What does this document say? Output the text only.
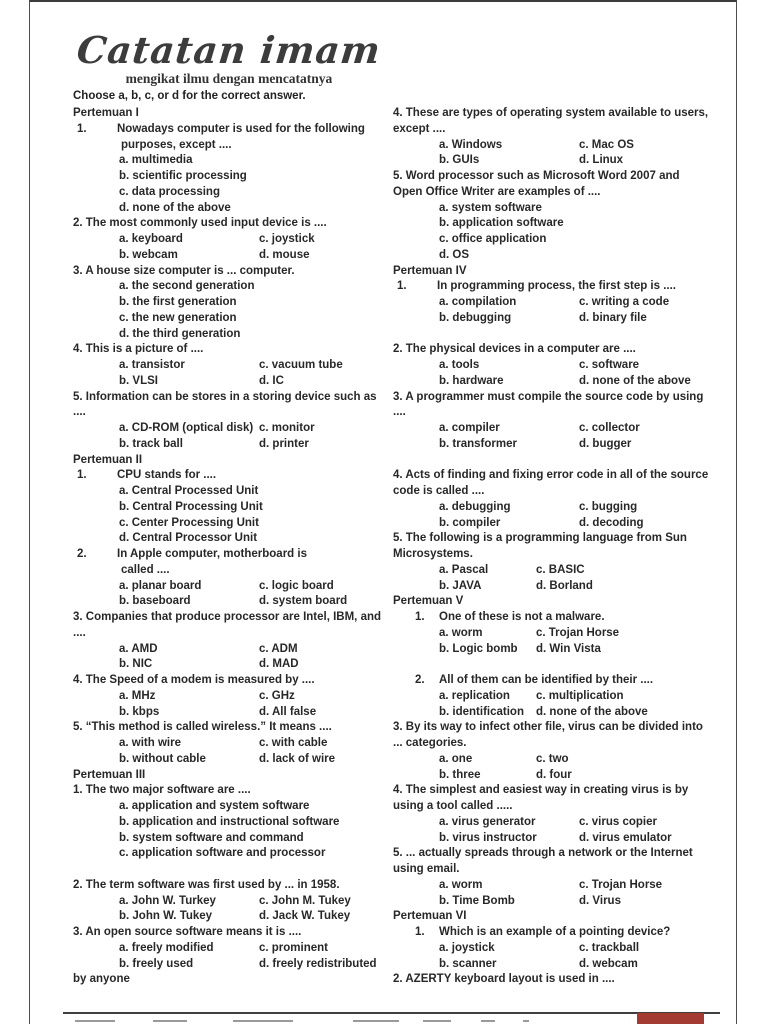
Catatan imam
mengikat ilmu dengan mencatatnya
Choose a, b, c, or d for the correct answer.
Pertemuan I
1.	Nowadays computer is used for the following
purposes, except ....
a. multimedia
b. scientific processing
c. data processing
d. none of the above
2. The most commonly used input device is ....
a. keyboard	c. joystick
b. webcam	d. mouse
3. A house size computer is ... computer.
a. the second generation
b. the first generation
c. the new generation
d. the third generation
4. This is a picture of ....
a. transistor	c. vacuum tube
b. VLSI	d. IC
5. Information can be stores in a storing device such as
....
a. CD-ROM (optical disk) c. monitor
b. track ball	d. printer
Pertemuan II
1.	CPU stands for ....
a. Central Processed Unit
b. Central Processing Unit
c. Center Processing Unit
d. Central Processor Unit
2.	In Apple computer, motherboard is
called ....
a. planar board	c. logic board
b. baseboard	d. system board
3. Companies that produce processor are Intel, IBM, and
....
a. AMD	c. ADM
b. NIC	d. MAD
4. The Speed of a modem is measured by ....
a. MHz	c. GHz
b. kbps	d. All false
5. “This method is called wireless.” It means ....
a. with wire	c. with cable
b. without cable	d. lack of wire
Pertemuan III
1. The two major software are ....
a. application and system software
b. application and instructional software
b. system software and command
c. application software and processor
2. The term software was first used by ... in 1958.
a. John W. Turkey	c. John M. Tukey
b. John W. Tukey	d. Jack W. Tukey
3. An open source software means it is ....
a. freely modified	c. prominent
b. freely used	d. freely redistributed
by anyone
4. These are types of operating system available to users,
except ....
a. Windows	c. Mac OS
b. GUIs	d. Linux
5. Word processor such as Microsoft Word 2007 and
Open Office Writer are examples of ....
a. system software
b. application software
c. office application
d. OS
Pertemuan IV
1.	In programming process, the first step is ....
a. compilation	c. writing a code
b. debugging	d. binary file
2. The physical devices in a computer are ....
a. tools	c. software
b. hardware	d. none of the above
3. A programmer must compile the source code by using
....
a. compiler	c. collector
b. transformer	d. bugger
4. Acts of finding and fixing error code in all of the source
code is called ....
a. debugging	c. bugging
b. compiler	d. decoding
5. The following is a programming language from Sun
Microsystems.
a. Pascal	c. BASIC
b. JAVA	d. Borland
Pertemuan V
1.	One of these is not a malware.
a. worm	c. Trojan Horse
b. Logic bomb	d. Win Vista
2.	All of them can be identified by their ....
a. replication	c. multiplication
b. identification	d. none of the above
3. By its way to infect other file, virus can be divided into
... categories.
a. one	c. two
b. three	d. four
4. The simplest and easiest way in creating virus is by
using a tool called .....
a. virus generator	c. virus copier
b. virus instructor	d. virus emulator
5. ... actually spreads through a network or the Internet
using email.
a. worm	c. Trojan Horse
b. Time Bomb	d. Virus
Pertemuan VI
1.	Which is an example of a pointing device?
a. joystick	c. trackball
b. scanner	d. webcam
2. AZERTY keyboard layout is used in ....
